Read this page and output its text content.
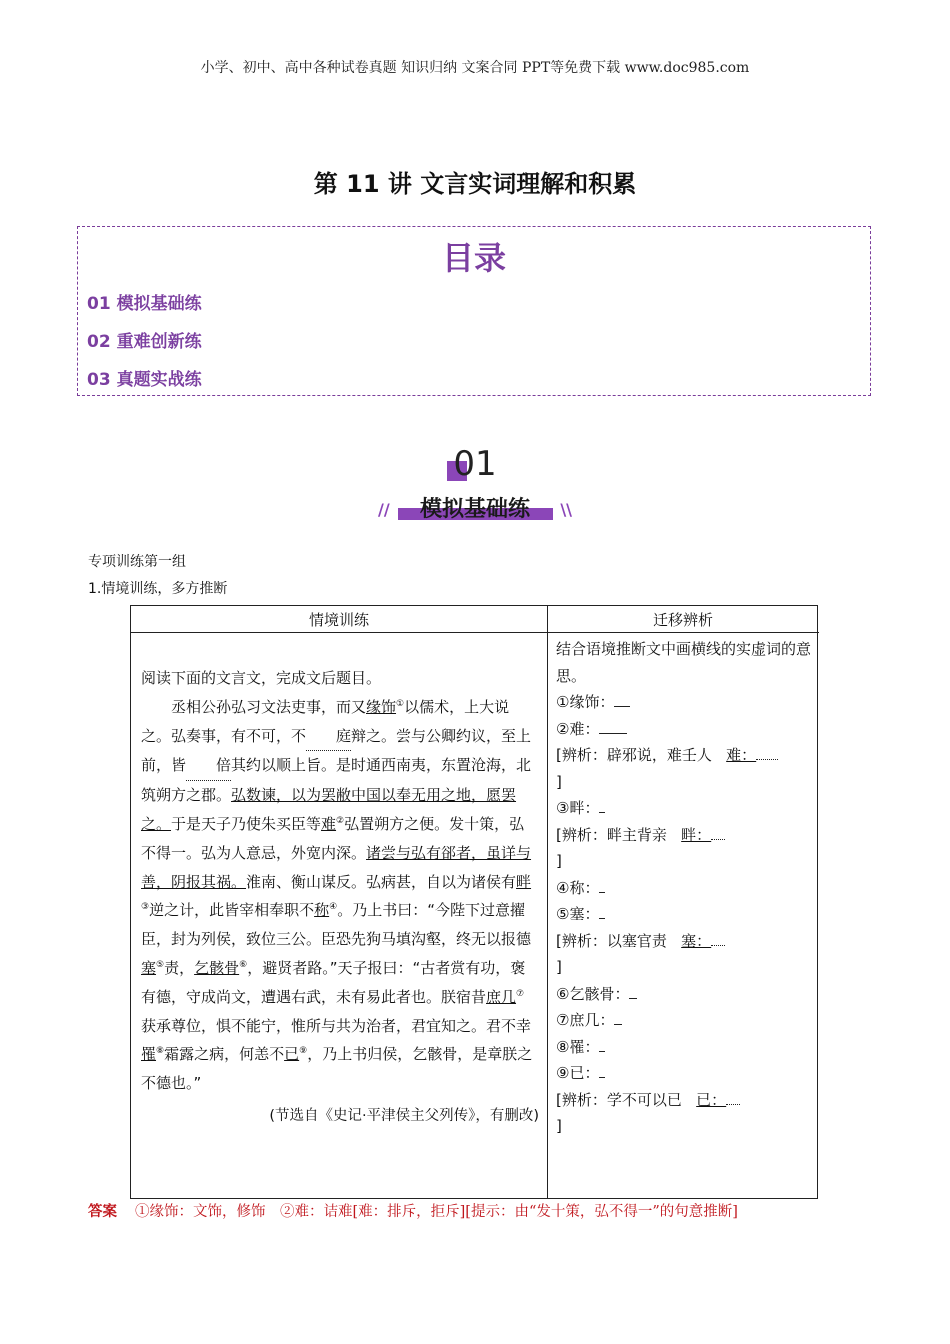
小学、初中、高中各种试卷真题 知识归纳 文案合同 PPT等免费下载 www.doc985.com
第 11 讲 文言实词理解和积累
目录
01 模拟基础练
02 重难创新练
03 真题实战练
01
//	模拟基础练	\\
专项训练第一组
1.情境训练，多方推断
情境训练	迁移辨析

阅读下面的文言文，完成文后题目。

丞相公孙弘习文法吏事，而又缘饰①以儒术，上大说之。弘奏事，有不可，不 庭辩之。尝与公卿约议，至上前，皆 倍其约以顺上旨。是时通西南夷，东置沧海，北筑朔方之郡。弘数谏，以为罢敝中国以奉无用之地，愿罢之。于是天子乃使朱买臣等难②弘置朔方之便。发十策，弘不得一。弘为人意忌，外宽内深。诸尝与弘有郤者，虽详与善，阴报其祸。淮南、衡山谋反。弘病甚，自以为诸侯有畔③逆之计，此皆宰相奉职不称④。乃上书曰：“今陛下过意擢臣，封为列侯，致位三公。臣恐先狗马填沟壑，终无以报德塞⑤责，乞骸骨⑥，避贤者路。”天子报曰：“古者赏有功，褒有德，守成尚文，遭遇右武，未有易此者也。朕宿昔庶几⑦获承尊位，惧不能宁，惟所与共为治者，君宜知之。君不幸罹⑧霜露之病，何恙不已⑨，乃上书归侯，乞骸骨，是章朕之不德也。”

(节选自《史记·平津侯主父列传》，有删改)

结合语境推断文中画横线的实虚词的意思。
①缘饰：
②难：
[辨析：辟邪说，难壬人 难：
]
③畔：
[辨析：畔主背亲 畔：
]
④称：
⑤塞：
[辨析：以塞官责 塞：
]
⑥乞骸骨：
⑦庶几：
⑧罹：
⑨已：
[辨析：学不可以已 已：
]
答案 ①缘饰：文饰，修饰　②难：诘难[难：排斥，拒斥][提示：由“发十策，弘不得一”的句意推断]
